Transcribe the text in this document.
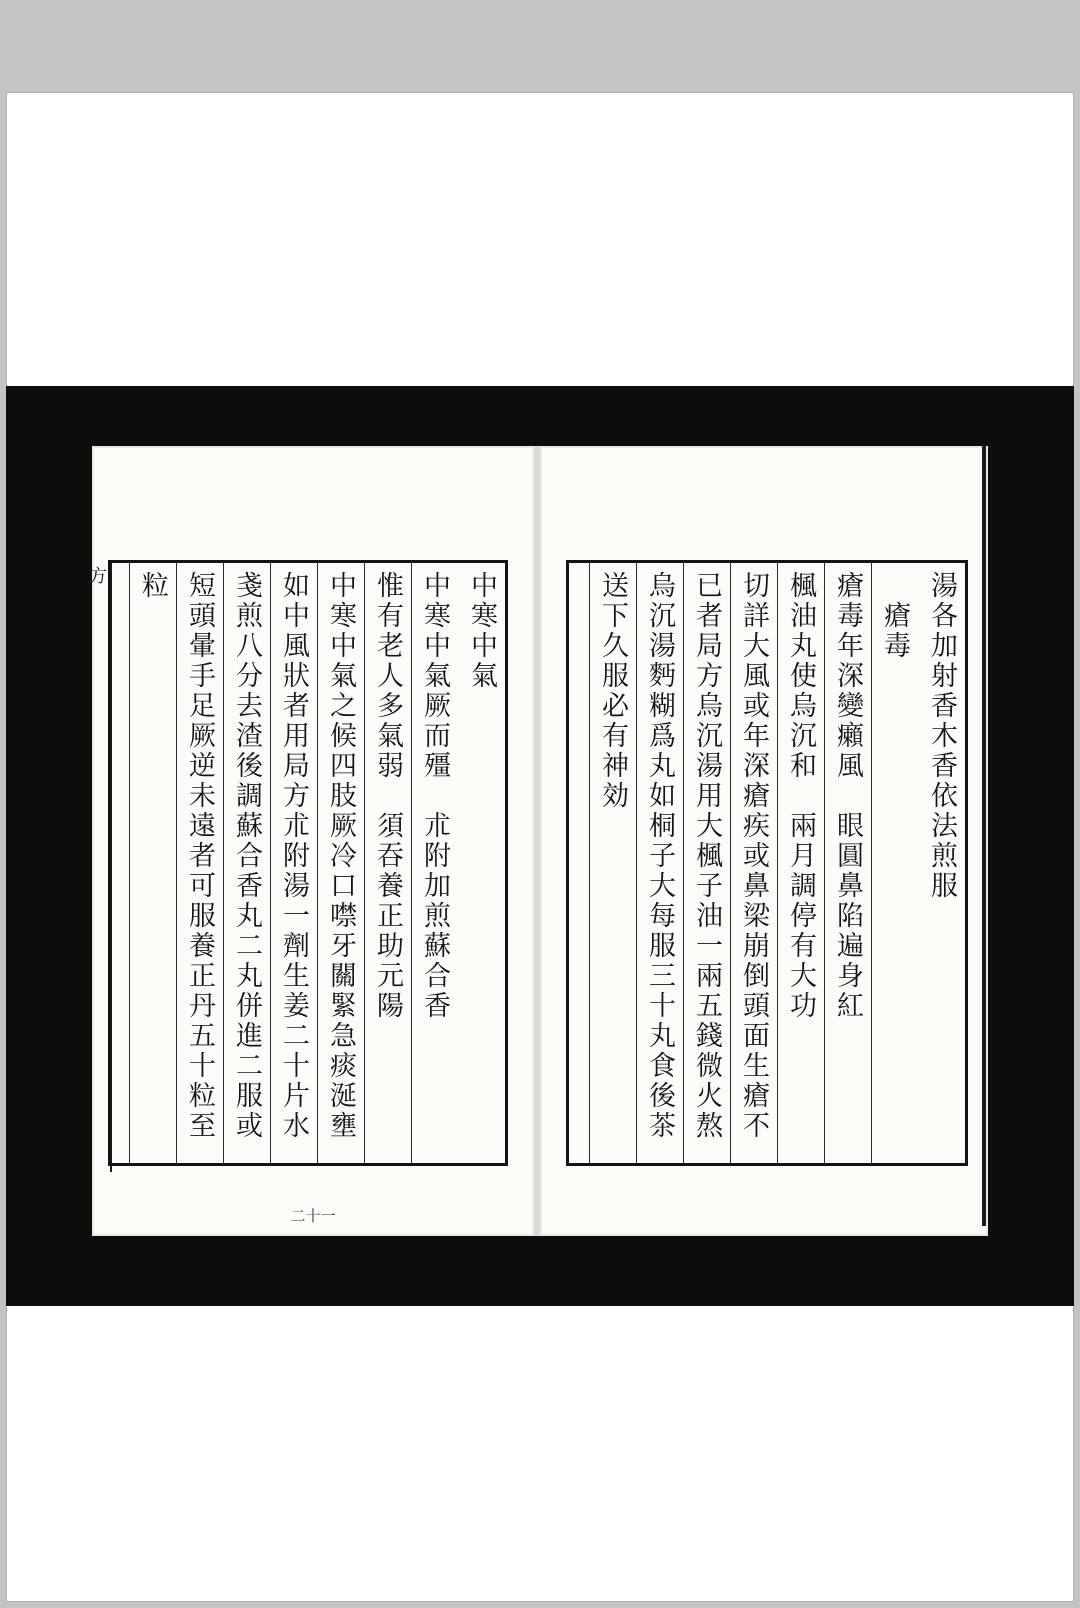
方	中寒中氣
中寒中氣厥而殭朮附加煎蘇合香
惟有老人多氣弱須吞養正助元陽
中寒中氣之候四肢厥冷口噤牙關緊急痰涎壅
如中風狀者用局方朮附湯一劑生姜二十片水
戔煎八分去渣後調蘇合香丸二丸併進二服或
短頭暈手足厥逆未遠者可服養正丹五十粒至
粒
二十一
湯各加射香木香依法煎服
瘡毒
瘡毒年深變癩風眼圓鼻陷遍身紅
楓油丸使烏沉和兩月調停有大功
切詳大風或年深瘡疾或鼻梁崩倒頭面生瘡不
已者局方烏沉湯用大楓子油一兩五錢微火熬
烏沉湯麪糊爲丸如桐子大每服三十丸食後茶
送下久服必有神効
